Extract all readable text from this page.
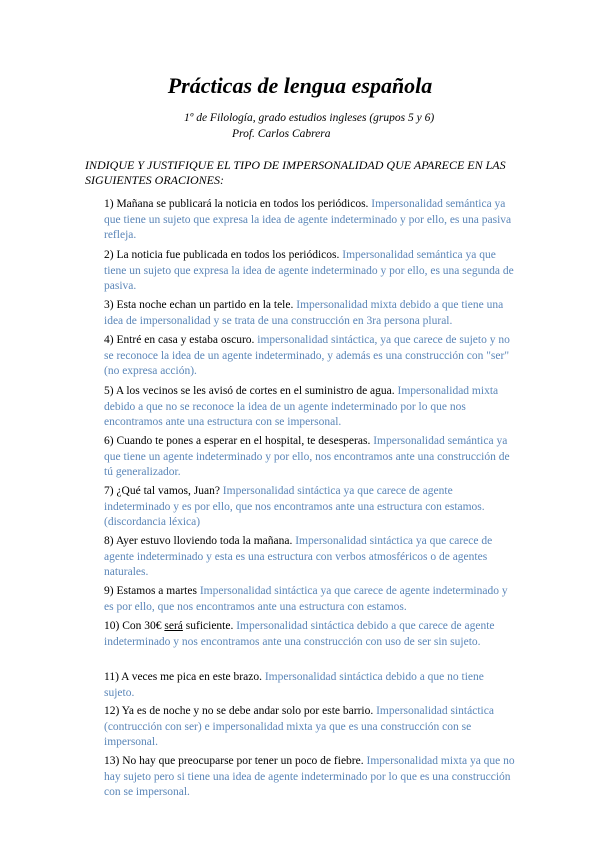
Prácticas de lengua española
1º de Filología, grado estudios ingleses (grupos 5 y 6)
Prof. Carlos Cabrera
INDIQUE Y JUSTIFIQUE EL TIPO DE IMPERSONALIDAD QUE APARECE EN LAS SIGUIENTES ORACIONES:
1) Mañana se publicará la noticia en todos los periódicos. Impersonalidad semántica ya que tiene un sujeto que expresa la idea de agente indeterminado y por ello, es una pasiva refleja.
2) La noticia fue publicada en todos los periódicos. Impersonalidad semántica ya que tiene un sujeto que expresa la idea de agente indeterminado y por ello, es una segunda de pasiva.
3) Esta noche echan un partido en la tele. Impersonalidad mixta debido a que tiene una idea de impersonalidad y se trata de una construcción en 3ra persona plural.
4) Entré en casa y estaba oscuro. impersonalidad sintáctica, ya que carece de sujeto y no se reconoce la idea de un agente indeterminado, y además es una construcción con "ser" (no expresa acción).
5) A los vecinos se les avisó de cortes en el suministro de agua. Impersonalidad mixta debido a que no se reconoce la idea de un agente indeterminado por lo que nos encontramos ante una estructura con se impersonal.
6) Cuando te pones a esperar en el hospital, te desesperas. Impersonalidad semántica ya que tiene un agente indeterminado y por ello, nos encontramos ante una construcción de tú generalizador.
7) ¿Qué tal vamos, Juan? Impersonalidad sintáctica ya que carece de agente indeterminado y es por ello, que nos encontramos ante una estructura con estamos. (discordancia léxica)
8) Ayer estuvo lloviendo toda la mañana. Impersonalidad sintáctica ya que carece de agente indeterminado y esta es una estructura con verbos atmosféricos o de agentes naturales.
9) Estamos a martes Impersonalidad sintáctica ya que carece de agente indeterminado y es por ello, que nos encontramos ante una estructura con estamos.
10) Con 30€ será suficiente. Impersonalidad sintáctica debido a que carece de agente indeterminado y nos encontramos ante una construcción con uso de ser sin sujeto.
11) A veces me pica en este brazo. Impersonalidad sintáctica debido a que no tiene sujeto.
12) Ya es de noche y no se debe andar solo por este barrio. Impersonalidad sintáctica (contrucción con ser) e impersonalidad mixta ya que es una construcción con se impersonal.
13) No hay que preocuparse por tener un poco de fiebre. Impersonalidad mixta ya que no hay sujeto pero si tiene una idea de agente indeterminado por lo que es una construcción con se impersonal.
